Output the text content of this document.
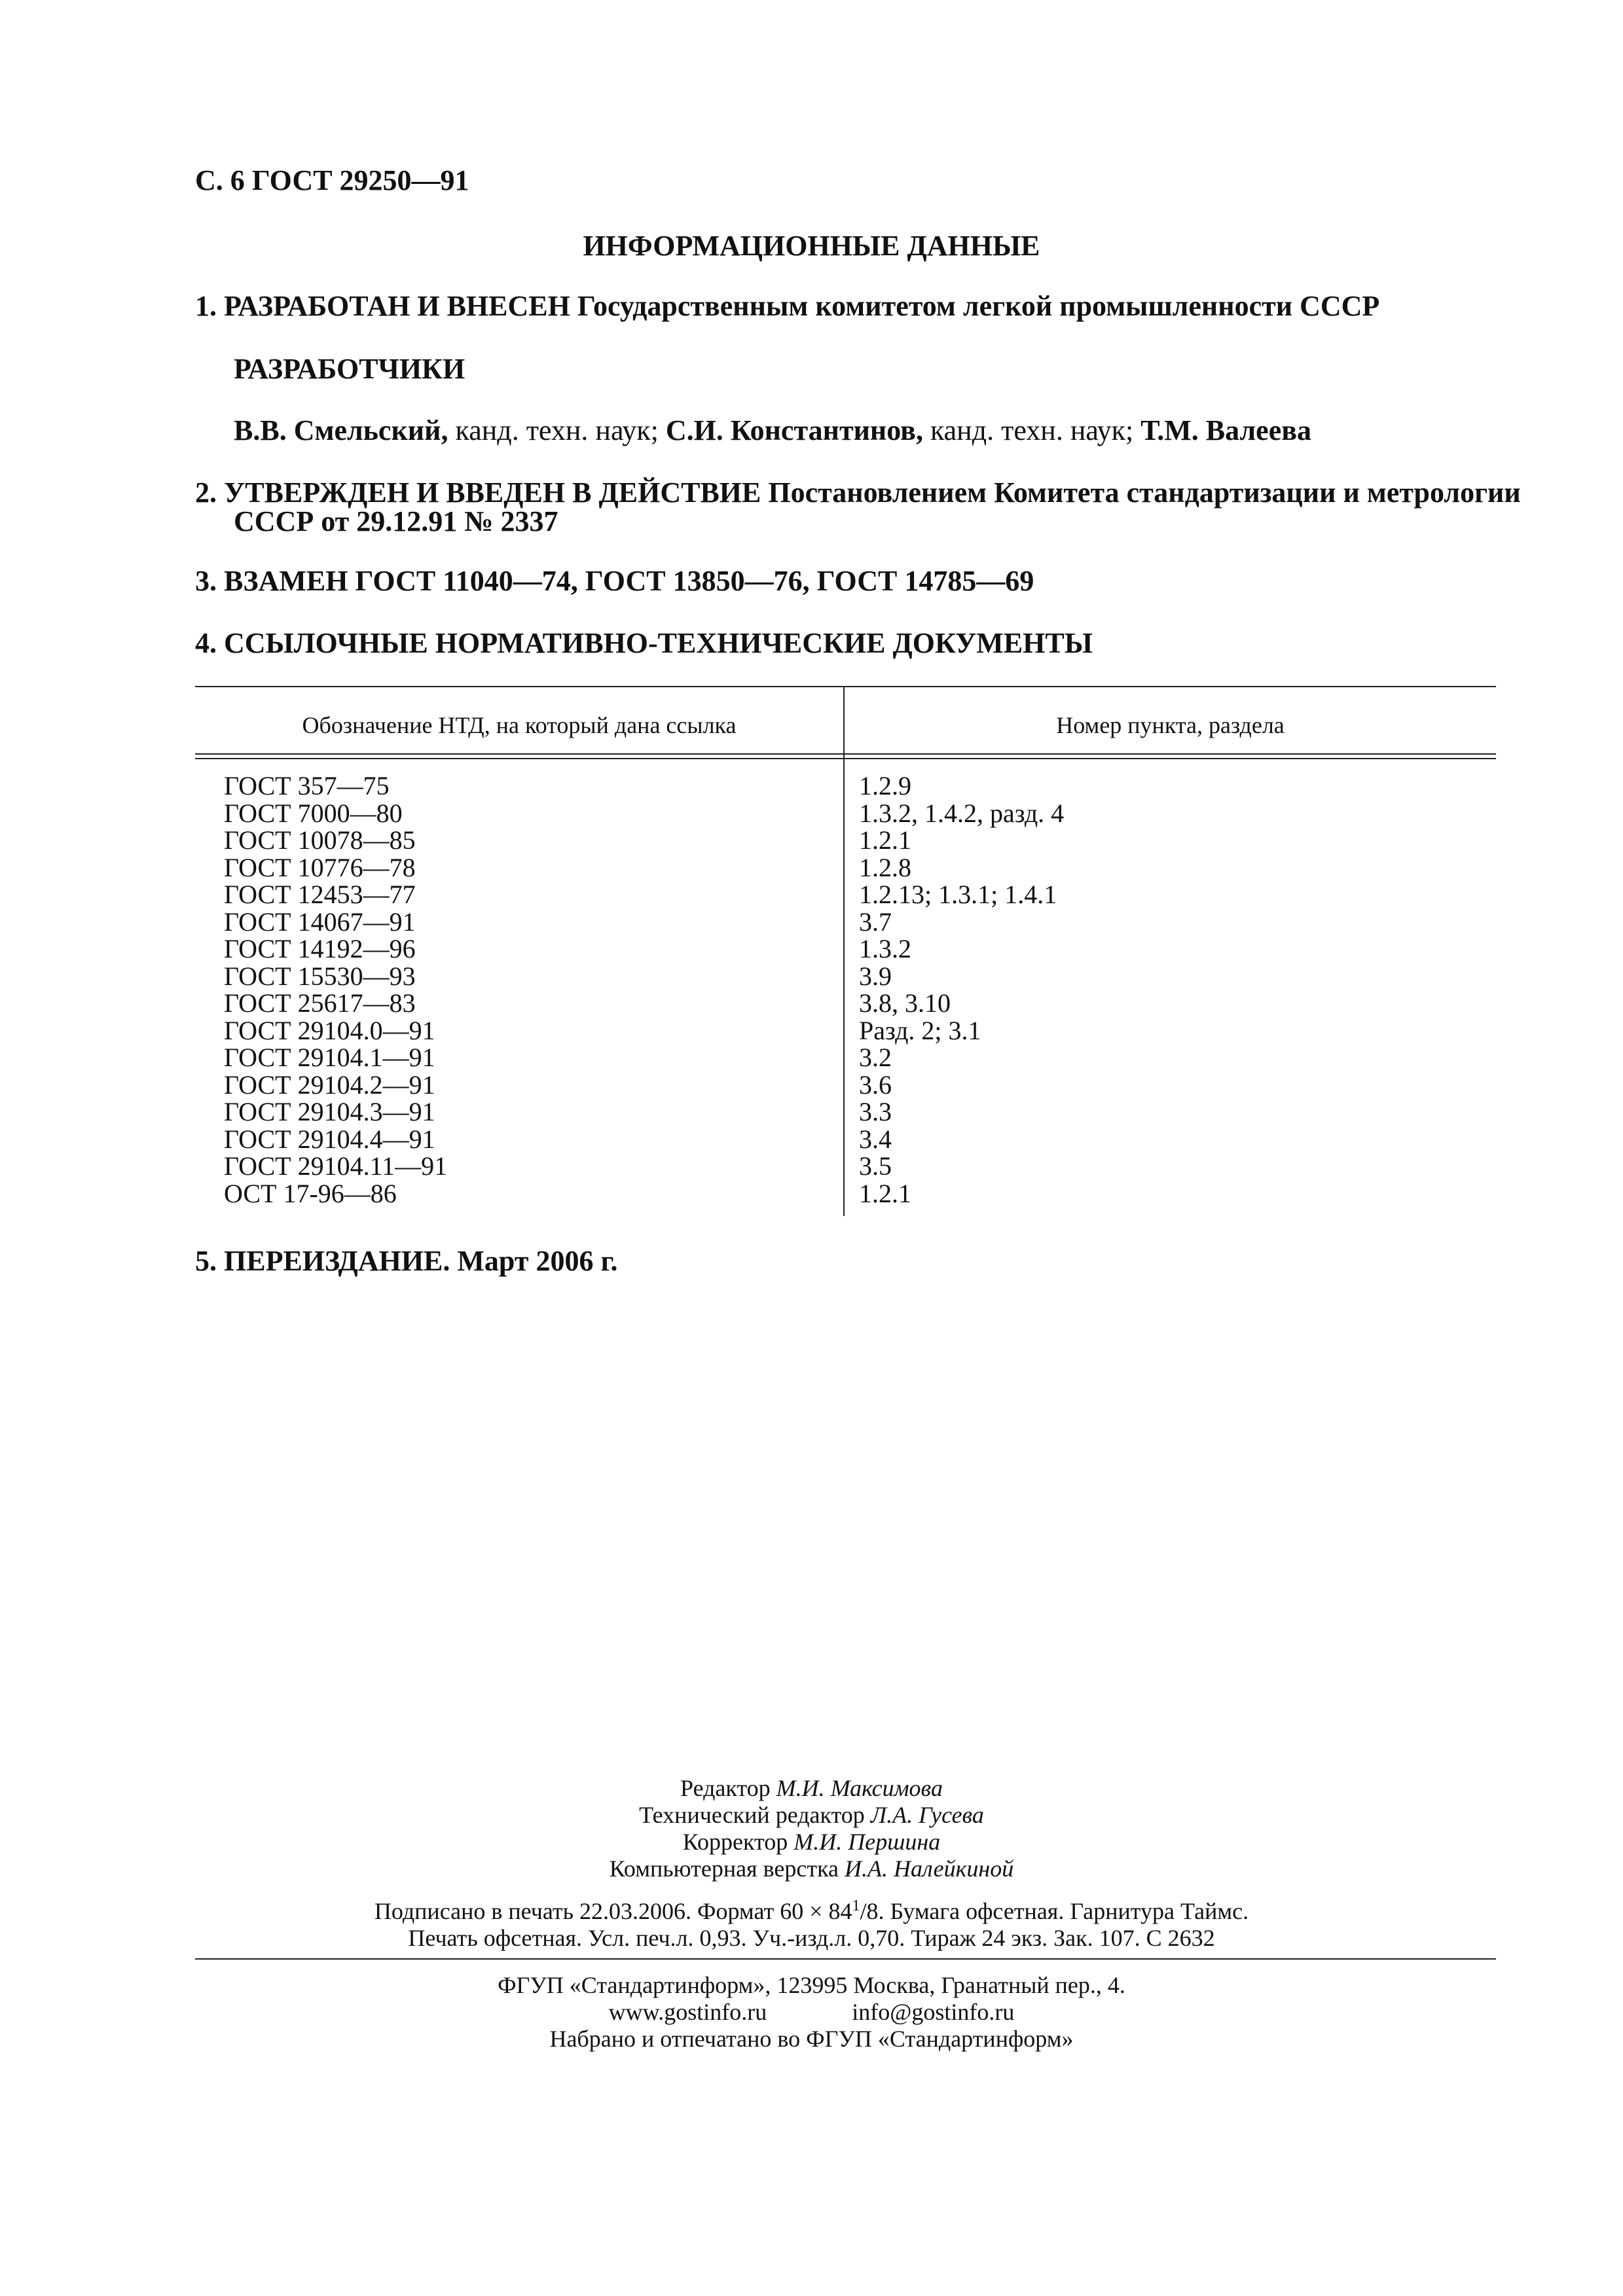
С. 6 ГОСТ 29250—91
ИНФОРМАЦИОННЫЕ ДАННЫЕ
1. РАЗРАБОТАН И ВНЕСЕН Государственным комитетом легкой промышленности СССР
РАЗРАБОТЧИКИ
В.В. Смельский, канд. техн. наук; С.И. Константинов, канд. техн. наук; Т.М. Валеева
2. УТВЕРЖДЕН И ВВЕДЕН В ДЕЙСТВИЕ Постановлением Комитета стандартизации и метрологии
СССР от 29.12.91 № 2337
3. ВЗАМЕН ГОСТ 11040—74, ГОСТ 13850—76, ГОСТ 14785—69
4. ССЫЛОЧНЫЕ НОРМАТИВНО-ТЕХНИЧЕСКИЕ ДОКУМЕНТЫ
Обозначение НТД, на который дана ссылка	Номер пункта, раздела
ГОСТ 357—75
ГОСТ 7000—80
ГОСТ 10078—85
ГОСТ 10776—78
ГОСТ 12453—77
ГОСТ 14067—91
ГОСТ 14192—96
ГОСТ 15530—93
ГОСТ 25617—83
ГОСТ 29104.0—91
ГОСТ 29104.1—91
ГОСТ 29104.2—91
ГОСТ 29104.3—91
ГОСТ 29104.4—91
ГОСТ 29104.11—91
ОСТ 17-96—86
1.2.9
1.3.2, 1.4.2, разд. 4
1.2.1
1.2.8
1.2.13; 1.3.1; 1.4.1
3.7
1.3.2
3.9
3.8, 3.10
Разд. 2; 3.1
3.2
3.6
3.3
3.4
3.5
1.2.1
5. ПЕРЕИЗДАНИЕ. Март 2006 г.
Редактор М.И. Максимова
Технический редактор Л.А. Гусева
Корректор М.И. Першина
Компьютерная верстка И.А. Налейкиной
Подписано в печать 22.03.2006. Формат $60 \times 84^1/8$. Бумага офсетная. Гарнитура Таймс.
Печать офсетная. Усл. печ.л. 0,93. Уч.-изд.л. 0,70. Тираж 24 экз. Зак. 107. С 2632
ФГУП «Стандартинформ», 123995 Москва, Гранатный пер., 4.
www.gostinfo.ru	info@gostinfo.ru
Набрано и отпечатано во ФГУП «Стандартинформ»
